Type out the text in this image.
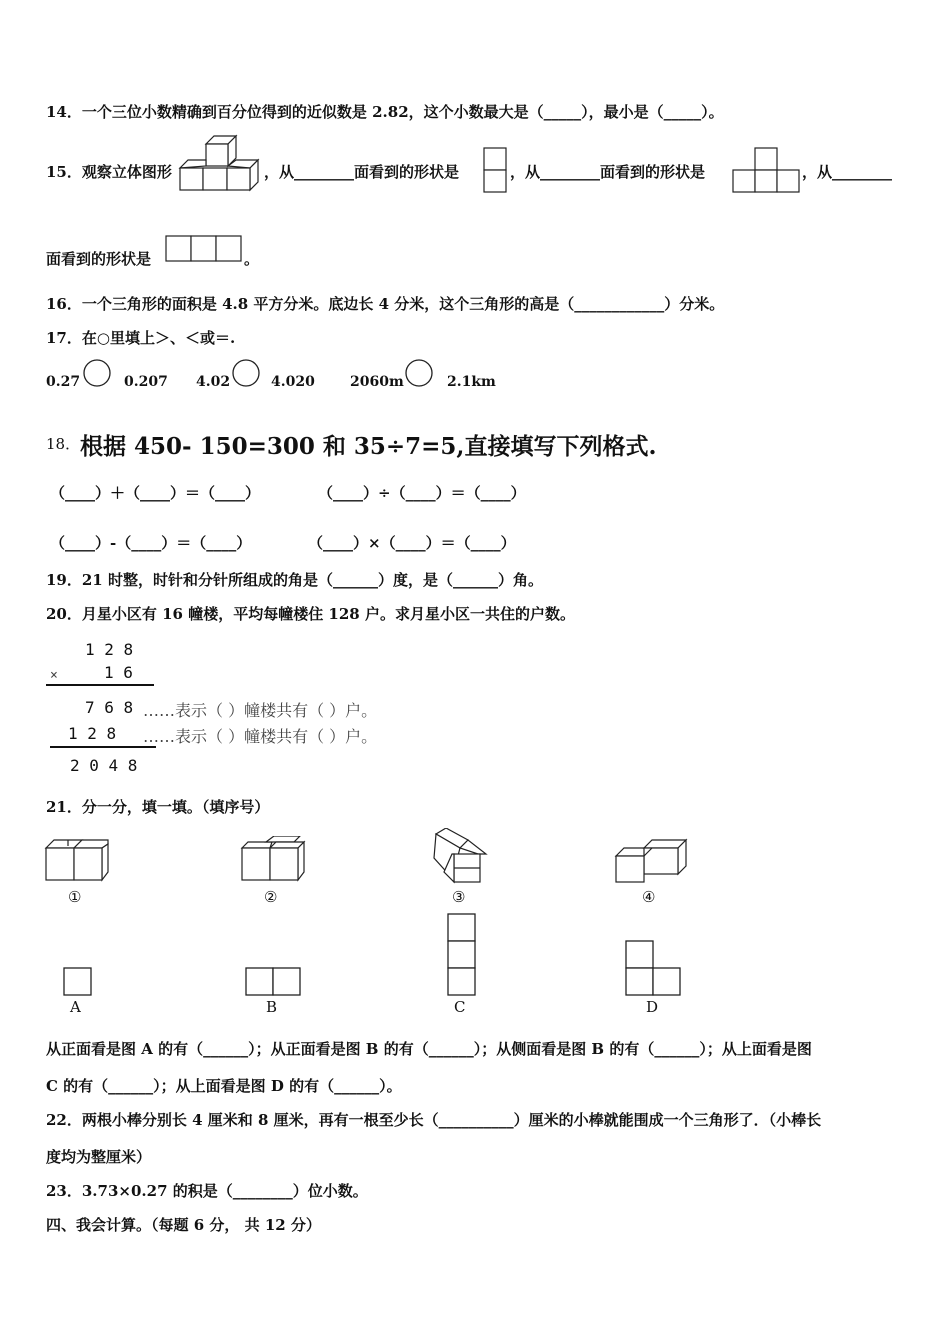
14．一个三位小数精确到百分位得到的近似数是 2.82，这个小数最大是（_____），最小是（_____）。
15．观察立体图形	，从________面看到的形状是	，从________面看到的形状是	，从________
面看到的形状是	。
16．一个三角形的面积是 4.8 平方分米。底边长 4 分米，这个三角形的高是（____________）分米。
17．在○里填上＞、＜或＝.
0.27	0.207 4.02	4.020	2060m	2.1km
18． 根据 450- 150=300 和 35÷7=5,直接填写下列格式.
（____）＋（____）＝（____）	（____）÷（____）＝（____）
（____）-（____）＝（____）	（____）×（____）＝（____）
19．21 时整，时针和分针所组成的角是（______）度，是（______）角。
20．月星小区有 16 幢楼，平均每幢楼住 128 户。求月星小区一共住的户数。
1 2 8
×	1 6
7 6 8 ……表示（ ）幢楼共有（ ）户。
1 2 8 ……表示（ ）幢楼共有（ ）户。
2 0 4 8
21．分一分，填一填。（填序号）
①	②	③	④
A	B	C	D
从正面看是图 A 的有（______）；从正面看是图 B 的有（______）；从侧面看是图 B 的有（______）；从上面看是图
C 的有（______）；从上面看是图 D 的有（______）。
22．两根小棒分别长 4 厘米和 8 厘米，再有一根至少长（__________）厘米的小棒就能围成一个三角形了．（小棒长
度均为整厘米）
23．3.73×0.27 的积是（________）位小数。
四、我会计算。（每题 6 分， 共 12 分）
